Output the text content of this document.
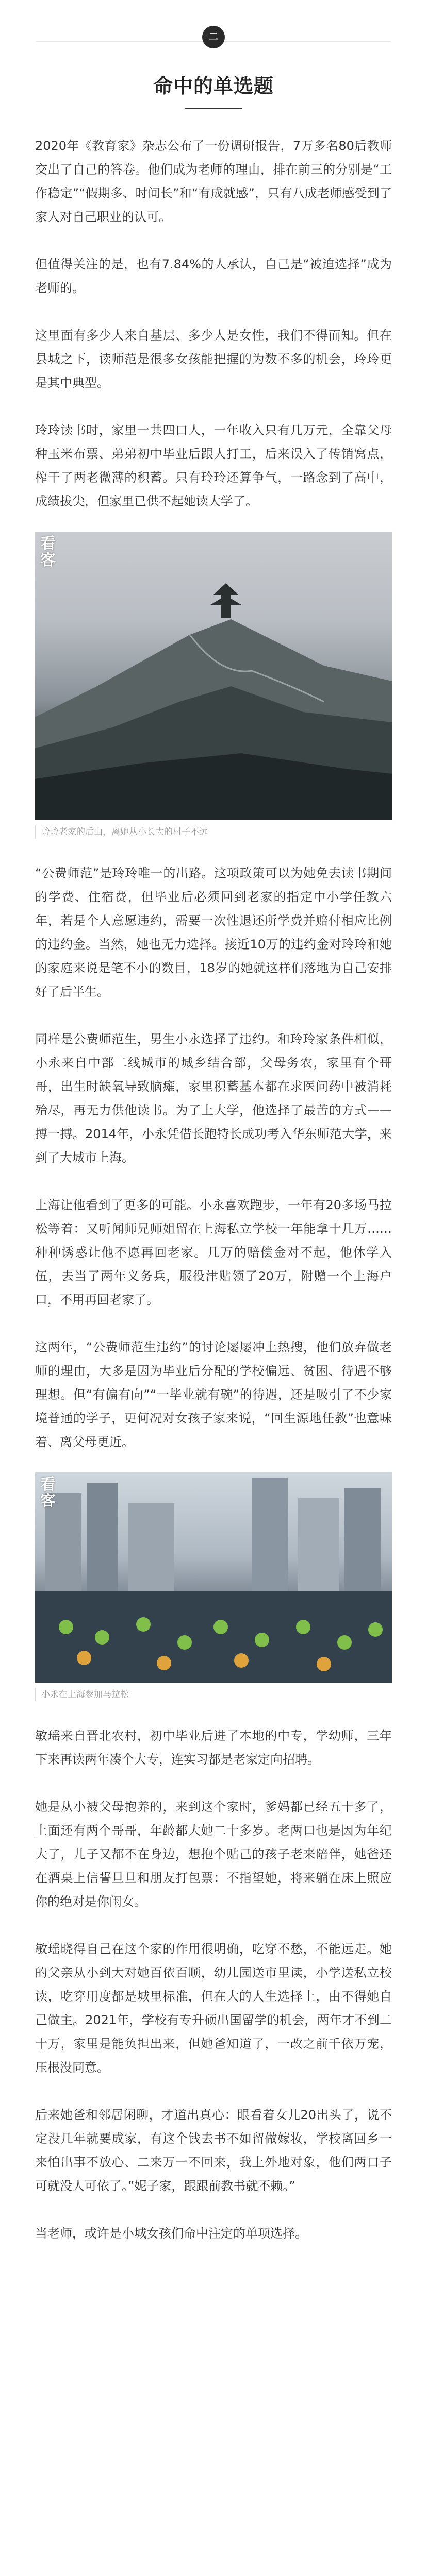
二
命中的单选题
2020年《教育家》杂志公布了一份调研报告，7万多名80后教师交出了自己的答卷。他们成为老师的理由，排在前三的分别是“工作稳定”“假期多、时间长”和“有成就感”，只有八成老师感受到了家人对自己职业的认可。
但值得关注的是，也有7.84%的人承认，自己是“被迫选择”成为老师的。
这里面有多少人来自基层、多少人是女性，我们不得而知。但在县城之下，读师范是很多女孩能把握的为数不多的机会，玲玲更是其中典型。
玲玲读书时，家里一共四口人，一年收入只有几万元，全靠父母种玉米布票、弟弟初中毕业后跟人打工，后来误入了传销窝点，榨干了两老微薄的积蓄。只有玲玲还算争气，一路念到了高中，成绩拔尖，但家里已供不起她读大学了。
看
客
玲玲老家的后山，离她从小长大的村子不远
“公费师范”是玲玲唯一的出路。这项政策可以为她免去读书期间的学费、住宿费，但毕业后必须回到老家的指定中小学任教六年，若是个人意愿违约，需要一次性退还所学费并赔付相应比例的违约金。当然，她也无力选择。接近10万的违约金对玲玲和她的家庭来说是笔不小的数目，18岁的她就这样们落地为自己安排好了后半生。
同样是公费师范生，男生小永选择了违约。和玲玲家条件相似，小永来自中部二线城市的城乡结合部，父母务农，家里有个哥哥，出生时缺氧导致脑瘫，家里积蓄基本都在求医问药中被消耗殆尽，再无力供他读书。为了上大学，他选择了最苦的方式——搏一搏。2014年，小永凭借长跑特长成功考入华东师范大学，来到了大城市上海。
上海让他看到了更多的可能。小永喜欢跑步，一年有20多场马拉松等着：又听闻师兄师姐留在上海私立学校一年能拿十几万……种种诱惑让他不愿再回老家。几万的赔偿金对不起，他休学入伍，去当了两年义务兵，服役津贴领了20万，附赠一个上海户口，不用再回老家了。
这两年，“公费师范生违约”的讨论屡屡冲上热搜，他们放弃做老师的理由，大多是因为毕业后分配的学校偏远、贫困、待遇不够理想。但“有偏有向”“一毕业就有碗”的待遇，还是吸引了不少家境普通的学子，更何况对女孩子家来说，“回生源地任教”也意味着、离父母更近。
看
客
小永在上海参加马拉松
敏瑶来自晋北农村，初中毕业后进了本地的中专，学幼师，三年下来再读两年凑个大专，连实习都是老家定向招聘。
她是从小被父母抱养的，来到这个家时，爹妈都已经五十多了，上面还有两个哥哥，年龄都大她二十多岁。老两口也是因为年纪大了，儿子又都不在身边，想抱个贴己的孩子老来陪伴，她爸还在酒桌上信誓旦旦和朋友打包票：不指望她，将来躺在床上照应你的绝对是你闺女。
敏瑶晓得自己在这个家的作用很明确，吃穿不愁，不能远走。她的父亲从小到大对她百依百顺，幼儿园送市里读，小学送私立校读，吃穿用度都是城里标准，但在大的人生选择上，由不得她自己做主。2021年，学校有专升硕出国留学的机会，两年才不到二十万，家里是能负担出来，但她爸知道了，一改之前千依万宠，压根没同意。
后来她爸和邻居闲聊，才道出真心：眼看着女儿20出头了，说不定没几年就要成家，有这个钱去书不如留做嫁妆，学校离回乡一来怕出事不放心、二来万一不回来，我上外地对象，他们两口子可就没人可依了。”妮子家，跟跟前教书就不赖。”
当老师，或许是小城女孩们命中注定的单项选择。
